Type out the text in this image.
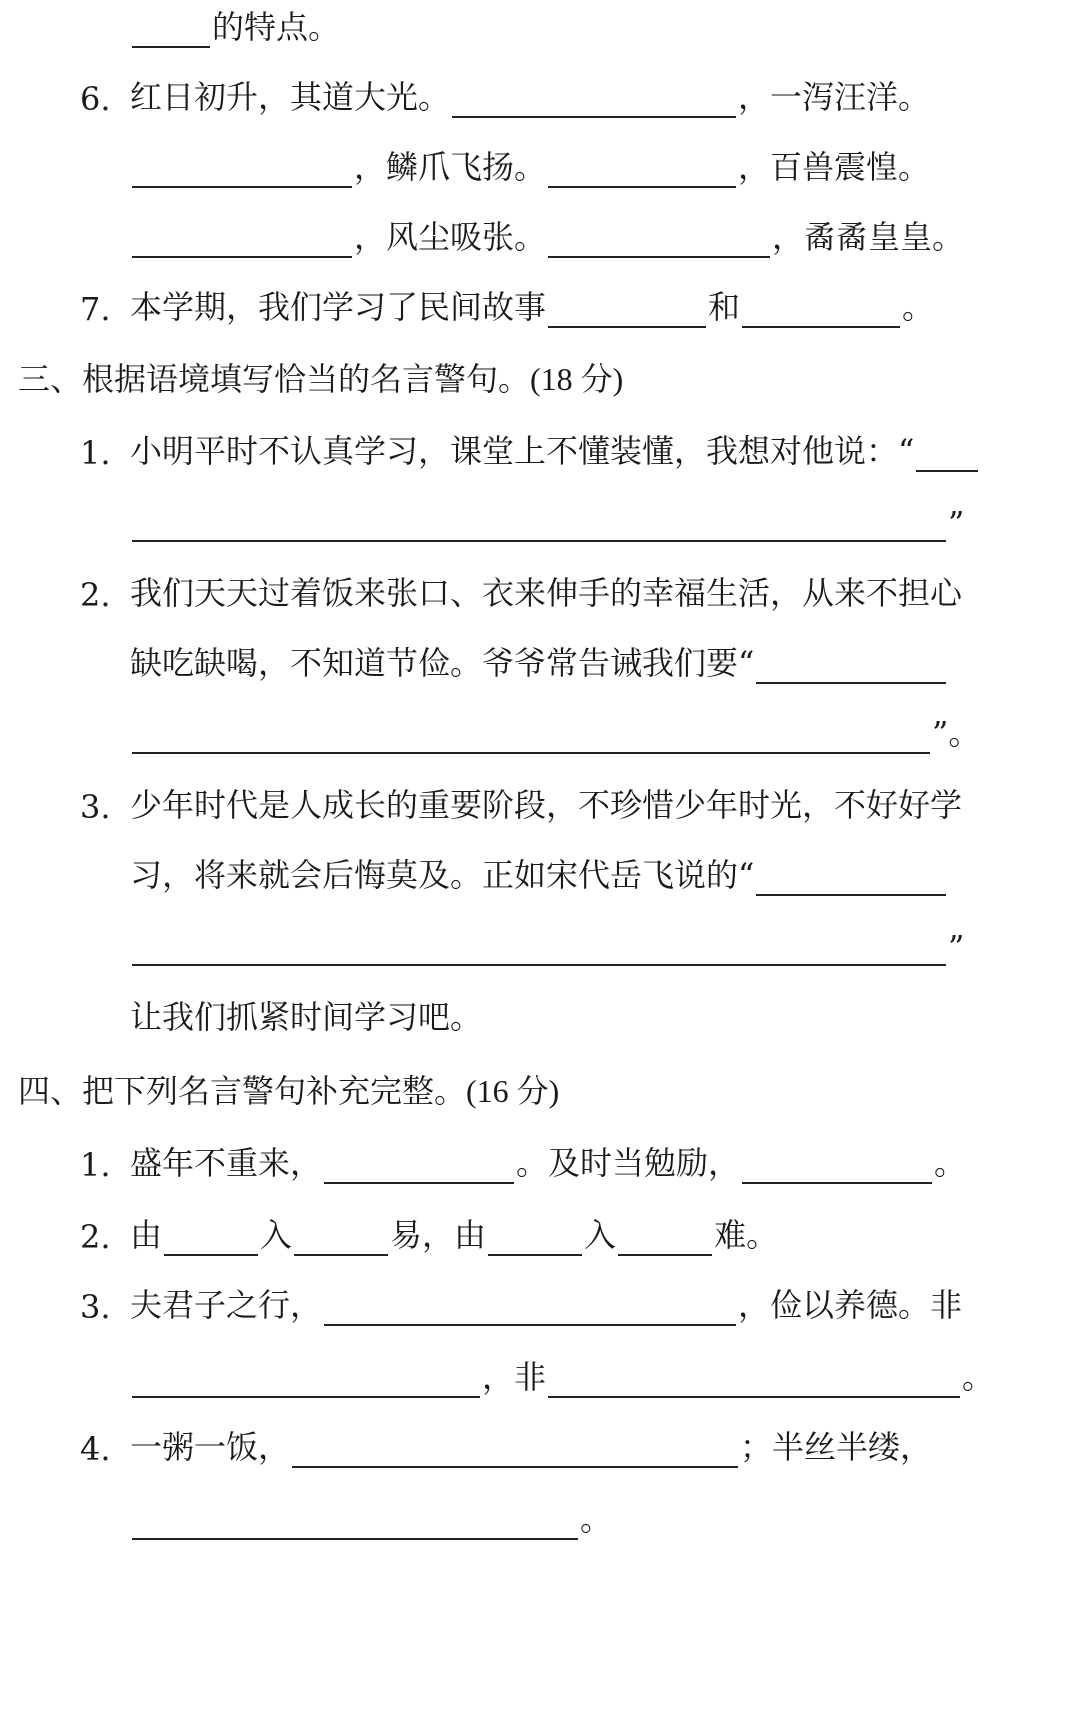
的特点。
6. 红日初升，其道大光。	，一泻汪洋。
，鳞爪飞扬。	，百兽震惶。
，风尘吸张。	，矞矞皇皇。
7. 本学期，我们学习了民间故事	和	。
三、根据语境填写恰当的名言警句。 (18 分)
1. 小明平时不认真学习，课堂上不懂装懂，我想对他说：“
”
2. 我们天天过着饭来张口、衣来伸手的幸福生活，从来不担心
缺吃缺喝，不知道节俭。爷爷常告诫我们要“
”。
3. 少年时代是人成长的重要阶段，不珍惜少年时光，不好好学
习，将来就会后悔莫及。正如宋代岳飞说的“
”
让我们抓紧时间学习吧。
四、把下列名言警句补充完整。 (16 分)
1. 盛年不重来，	。及时当勉励，	。
2. 由	入	易，由	入	难。
3. 夫君子之行，	，俭以养德。非
，非	。
4. 一粥一饭，	；半丝半缕，
。
